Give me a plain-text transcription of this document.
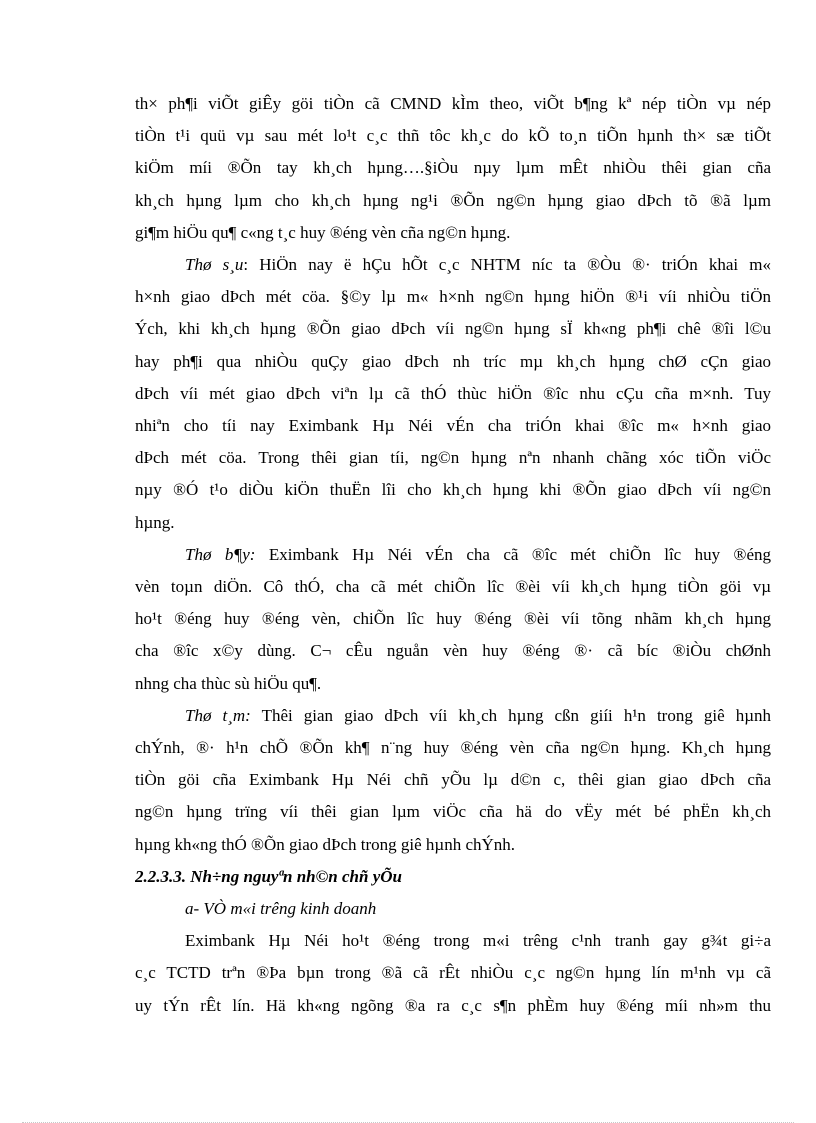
th× ph¶i viÕt giÊy göi tiÒn cã CMND kÌm theo, viÕt b¶ng kª nép tiÒn vµ nép
tiÒn t¹i quü vµ sau mét lo¹t c¸c thñ tôc kh¸c do kÕ to¸n tiÕn hµnh th× sæ tiÕt
kiÖm míi ®Õn tay kh¸ch hµng….§iÒu nµy lµm mÊt nhiÒu thêi gian cña
kh¸ch hµng lµm cho kh¸ch hµng ng¹i ®Õn ng©n hµng giao dÞch tõ ®ã lµm
gi¶m hiÖu qu¶ c«ng t¸c huy ®éng vèn cña ng©n hµng.
Thø s¸u: HiÖn nay ë hÇu hÕt c¸c NHTM níc ta ®Òu ®· triÓn khai m«
h×nh giao dÞch mét cöa. §©y lµ m« h×nh ng©n hµng hiÖn ®¹i víi nhiÒu tiÖn
Ých, khi kh¸ch hµng ®Õn giao dÞch víi ng©n hµng sÏ kh«ng ph¶i chê ®îi l©u
hay ph¶i qua nhiÒu quÇy giao dÞch nh tríc mµ kh¸ch hµng chØ cÇn giao
dÞch víi mét giao dÞch viªn lµ cã thÓ thùc hiÖn ®îc nhu cÇu cña m×nh. Tuy
nhiªn cho tíi nay Eximbank Hµ Néi vÉn cha triÓn khai ®îc m« h×nh giao
dÞch mét cöa. Trong thêi gian tíi, ng©n hµng nªn nhanh chãng xóc tiÕn viÖc
nµy ®Ó t¹o diÒu kiÖn thuËn lîi cho kh¸ch hµng khi ®Õn giao dÞch víi ng©n
hµng.
Thø b¶y: Eximbank Hµ Néi vÉn cha cã ®îc mét chiÕn lîc huy ®éng
vèn toµn diÖn. Cô thÓ, cha cã mét chiÕn lîc ®èi víi kh¸ch hµng tiÒn göi vµ
ho¹t ®éng huy ®éng vèn, chiÕn lîc huy ®éng ®èi víi tõng nhãm kh¸ch hµng
cha ®îc x©y dùng. C¬ cÊu nguån vèn huy ®éng ®· cã bíc ®iÒu chØnh
nhng cha thùc sù hiÖu qu¶.
Thø t¸m: Thêi gian giao dÞch víi kh¸ch hµng cßn giíi h¹n trong giê hµnh
chÝnh, ®· h¹n chÕ ®Õn kh¶ n¨ng huy ®éng vèn cña ng©n hµng. Kh¸ch hµng
tiÒn göi cña Eximbank Hµ Néi chñ yÕu lµ d©n c, thêi gian giao dÞch cña
ng©n hµng trïng víi thêi gian lµm viÖc cña hä do vËy mét bé phËn kh¸ch
hµng kh«ng thÓ ®Õn giao dÞch trong giê hµnh chÝnh.
2.2.3.3. Nh÷ng nguyªn nh©n chñ yÕu
a- VÒ m«i trêng kinh doanh
Eximbank Hµ Néi ho¹t ®éng trong m«i trêng c¹nh tranh gay g¾t gi÷a
c¸c TCTD trªn ®Þa bµn trong ®ã cã rÊt nhiÒu c¸c ng©n hµng lín m¹nh vµ cã
uy tÝn rÊt lín. Hä kh«ng ngõng ®a ra c¸c s¶n phÈm huy ®éng míi nh»m thu
